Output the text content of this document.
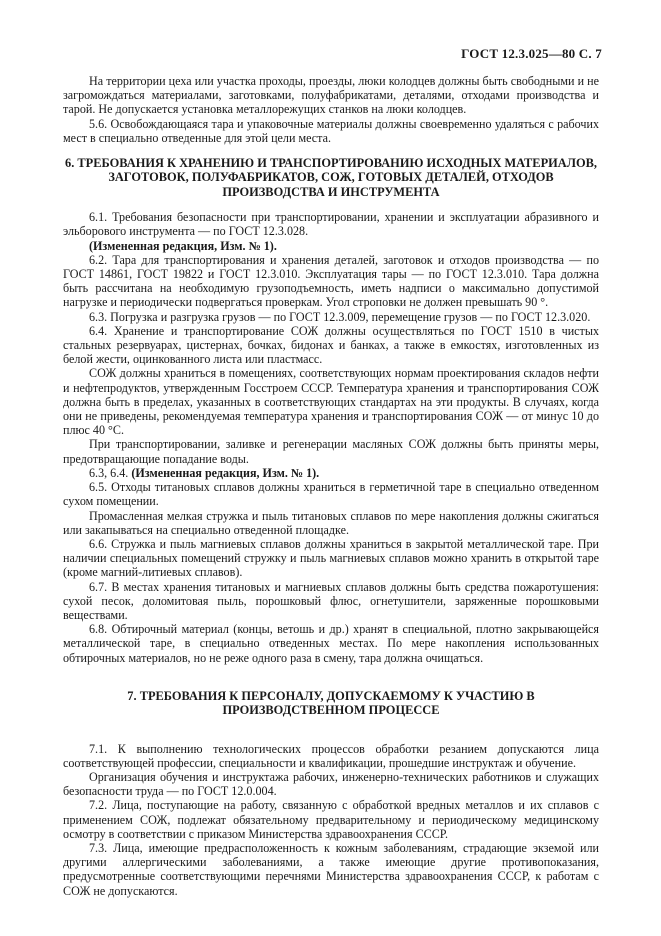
ГОСТ 12.3.025—80 С. 7

На территории цеха или участка проходы, проезды, люки колодцев должны быть свободными и не загромождаться материалами, заготовками, полуфабрикатами, деталями, отходами производства и тарой. Не допускается установка металлорежущих станков на люки колодцев.

5.6. Освобождающаяся тара и упаковочные материалы должны своевременно удаляться с рабочих мест в специально отведенные для этой цели места.

6. ТРЕБОВАНИЯ К ХРАНЕНИЮ И ТРАНСПОРТИРОВАНИЮ ИСХОДНЫХ МАТЕРИАЛОВ, ЗАГОТОВОК, ПОЛУФАБРИКАТОВ, СОЖ, ГОТОВЫХ ДЕТАЛЕЙ, ОТХОДОВ ПРОИЗВОДСТВА И ИНСТРУМЕНТА

6.1. Требования безопасности при транспортировании, хранении и эксплуатации абразивного и эльборового инструмента — по ГОСТ 12.3.028.

(Измененная редакция, Изм. № 1).

6.2. Тара для транспортирования и хранения деталей, заготовок и отходов производства — по ГОСТ 14861, ГОСТ 19822 и ГОСТ 12.3.010. Эксплуатация тары — по ГОСТ 12.3.010. Тара должна быть рассчитана на необходимую грузоподъемность, иметь надписи о максимально допустимой нагрузке и периодически подвергаться проверкам. Угол строповки не должен превышать 90 °.

6.3. Погрузка и разгрузка грузов — по ГОСТ 12.3.009, перемещение грузов — по ГОСТ 12.3.020.

6.4. Хранение и транспортирование СОЖ должны осуществляться по ГОСТ 1510 в чистых стальных резервуарах, цистернах, бочках, бидонах и банках, а также в емкостях, изготовленных из белой жести, оцинкованного листа или пластмасс.

СОЖ должны храниться в помещениях, соответствующих нормам проектирования складов нефти и нефтепродуктов, утвержденным Госстроем СССР. Температура хранения и транспортирования СОЖ должна быть в пределах, указанных в соответствующих стандартах на эти продукты. В случаях, когда они не приведены, рекомендуемая температура хранения и транспортирования СОЖ — от минус 10 до плюс 40 °С.

При транспортировании, заливке и регенерации масляных СОЖ должны быть приняты меры, предотвращающие попадание воды.

6.3, 6.4. (Измененная редакция, Изм. № 1).

6.5. Отходы титановых сплавов должны храниться в герметичной таре в специально отведенном сухом помещении.

Промасленная мелкая стружка и пыль титановых сплавов по мере накопления должны сжигаться или закапываться на специально отведенной площадке.

6.6. Стружка и пыль магниевых сплавов должны храниться в закрытой металлической таре. При наличии специальных помещений стружку и пыль магниевых сплавов можно хранить в открытой таре (кроме магний-литиевых сплавов).

6.7. В местах хранения титановых и магниевых сплавов должны быть средства пожаротушения: сухой песок, доломитовая пыль, порошковый флюс, огнетушители, заряженные порошковыми веществами.

6.8. Обтирочный материал (концы, ветошь и др.) хранят в специальной, плотно закрывающейся металлической таре, в специально отведенных местах. По мере накопления использованных обтирочных материалов, но не реже одного раза в смену, тара должна очищаться.

7. ТРЕБОВАНИЯ К ПЕРСОНАЛУ, ДОПУСКАЕМОМУ К УЧАСТИЮ В ПРОИЗВОДСТВЕННОМ ПРОЦЕССЕ

7.1. К выполнению технологических процессов обработки резанием допускаются лица соответствующей профессии, специальности и квалификации, прошедшие инструктаж и обучение.

Организация обучения и инструктажа рабочих, инженерно-технических работников и служащих безопасности труда — по ГОСТ 12.0.004.

7.2. Лица, поступающие на работу, связанную с обработкой вредных металлов и их сплавов с применением СОЖ, подлежат обязательному предварительному и периодическому медицинскому осмотру в соответствии с приказом Министерства здравоохранения СССР.

7.3. Лица, имеющие предрасположенность к кожным заболеваниям, страдающие экземой или другими аллергическими заболеваниями, а также имеющие другие противопоказания, предусмотренные соответствующими перечнями Министерства здравоохранения СССР, к работам с СОЖ не допускаются.
